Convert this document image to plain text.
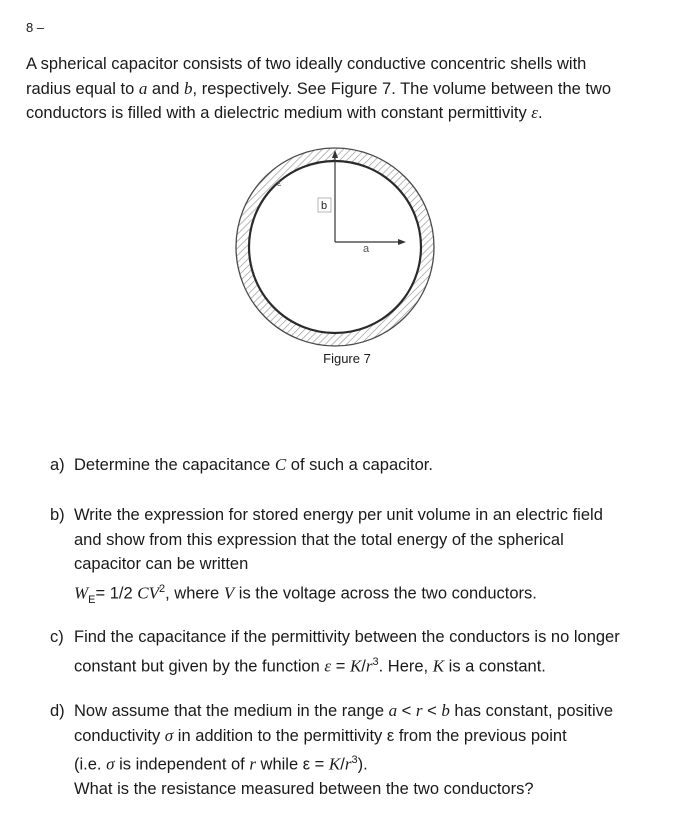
8 –
A spherical capacitor consists of two ideally conductive concentric shells with
radius equal to a and b, respectively. See Figure 7. The volume between the two
conductors is filled with a dielectric medium with constant permittivity ε.
ε
b
a
Figure 7
a) Determine the capacitance C of such a capacitor.
b) Write the expression for stored energy per unit volume in an electric field
and show from this expression that the total energy of the spherical
capacitor can be written
$W_E= 1/2$ $CV^2$, where V is the voltage across the two conductors.
c) Find the capacitance if the permittivity between the conductors is no longer
constant but given by the function $\varepsilon = K/r^3$. Here, K is a constant.
d) Now assume that the medium in the range a < r < b has constant, positive
conductivity σ in addition to the permittivity ε from the previous point
(i.e. σ is independent of r while $\varepsilon = K/r^3$).
What is the resistance measured between the two conductors?
